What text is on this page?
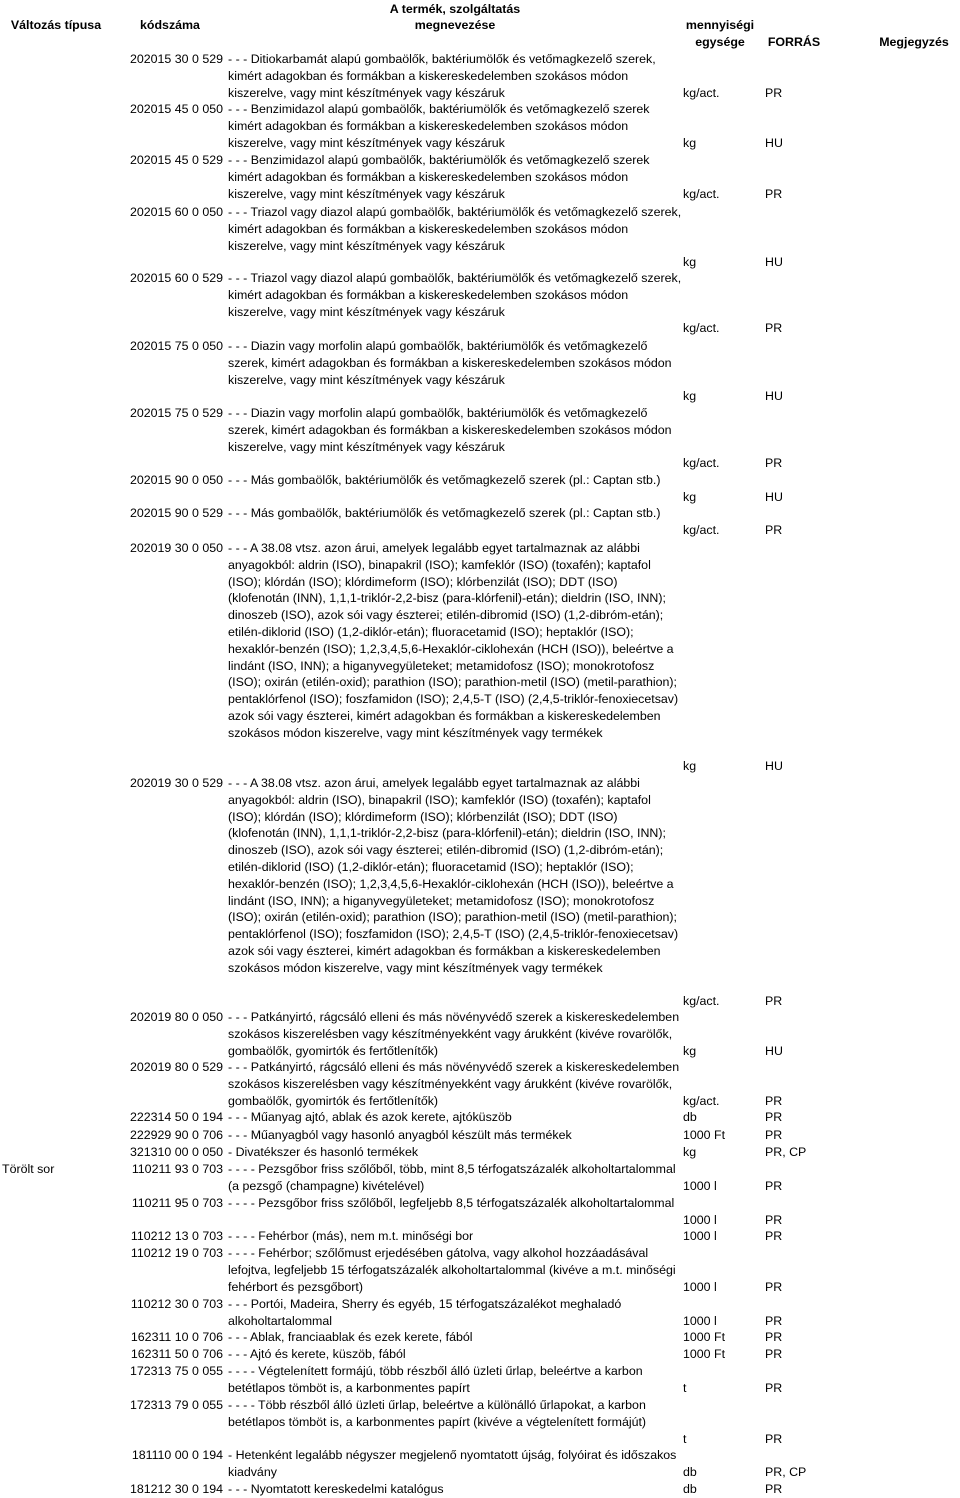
Változás típusa	kódszáma
A termék, szolgáltatás
megnevezése	mennyiségi
egysége	FORRÁS	Megjegyzés
202015 30 0 529 - - - Ditiokarbamát alapú gombaölők, baktériumölők és vetőmagkezelő szerek, kimért adagokban és formákban a kiskereskedelemben szokásos módon kiszerelve, vagy mint készítmények vagy készáruk	kg/act.	PR
202015 45 0 050 - - - Benzimidazol alapú gombaölők, baktériumölők és vetőmagkezelő szerek kimért adagokban és formákban a kiskereskedelemben szokásos módon kiszerelve, vagy mint készítmények vagy készáruk	kg	HU
202015 45 0 529 - - - Benzimidazol alapú gombaölők, baktériumölők és vetőmagkezelő szerek kimért adagokban és formákban a kiskereskedelemben szokásos módon kiszerelve, vagy mint készítmények vagy készáruk	kg/act.	PR
202015 60 0 050 - - - Triazol vagy diazol alapú gombaölők, baktériumölők és vetőmagkezelő szerek, kimért adagokban és formákban a kiskereskedelemben szokásos módon kiszerelve, vagy mint készítmények vagy készáruk
kg	HU
202015 60 0 529 - - - Triazol vagy diazol alapú gombaölők, baktériumölők és vetőmagkezelő szerek, kimért adagokban és formákban a kiskereskedelemben szokásos módon kiszerelve, vagy mint készítmények vagy készáruk
kg/act.	PR
202015 75 0 050 - - - Diazin vagy morfolin alapú gombaölők, baktériumölők és vetőmagkezelő szerek, kimért adagokban és formákban a kiskereskedelemben szokásos módon kiszerelve, vagy mint készítmények vagy készáruk
kg	HU
202015 75 0 529 - - - Diazin vagy morfolin alapú gombaölők, baktériumölők és vetőmagkezelő szerek, kimért adagokban és formákban a kiskereskedelemben szokásos módon kiszerelve, vagy mint készítmények vagy készáruk
kg/act.	PR
202015 90 0 050 - - - Más gombaölők, baktériumölők és vetőmagkezelő szerek (pl.: Captan stb.)
kg	HU
202015 90 0 529 - - - Más gombaölők, baktériumölők és vetőmagkezelő szerek (pl.: Captan stb.)
kg/act.	PR
202019 30 0 050 - - - A 38.08 vtsz. azon árui, amelyek legalább egyet tartalmaznak az alábbi anyagokból: aldrin (ISO), binapakril (ISO); kamfeklór (ISO) (toxafén); kaptafol (ISO); klórdán (ISO); klórdimeform (ISO); klórbenzilát (ISO); DDT (ISO) (klofenotán (INN), 1,1,1-triklór-2,2-bisz (para-klórfenil)-etán); dieldrin (ISO, INN); dinoszeb (ISO), azok sói vagy észterei; etilén-dibromid (ISO) (1,2-dibróm-etán); etilén-diklorid (ISO) (1,2-diklór-etán); fluoracetamid (ISO); heptaklór (ISO); hexaklór-benzén (ISO); 1,2,3,4,5,6-Hexaklór-ciklohexán (HCH (ISO)), beleértve a lindánt (ISO, INN); a higanyvegyületeket; metamidofosz (ISO); monokrotofosz (ISO); oxirán (etilén-oxid); parathion (ISO); parathion-metil (ISO) (metil-parathion); pentaklórfenol (ISO); foszfamidon (ISO); 2,4,5-T (ISO) (2,4,5-triklór-fenoxiecetsav) azok sói vagy észterei, kimért adagokban és formákban a kiskereskedelemben szokásos módon kiszerelve, vagy mint készítmények vagy termékek
kg	HU
202019 30 0 529 - - - A 38.08 vtsz. azon árui, amelyek legalább egyet tartalmaznak az alábbi anyagokból: aldrin (ISO), binapakril (ISO); kamfeklór (ISO) (toxafén); kaptafol (ISO); klórdán (ISO); klórdimeform (ISO); klórbenzilát (ISO); DDT (ISO) (klofenotán (INN), 1,1,1-triklór-2,2-bisz (para-klórfenil)-etán); dieldrin (ISO, INN); dinoszeb (ISO), azok sói vagy észterei; etilén-dibromid (ISO) (1,2-dibróm-etán); etilén-diklorid (ISO) (1,2-diklór-etán); fluoracetamid (ISO); heptaklór (ISO); hexaklór-benzén (ISO); 1,2,3,4,5,6-Hexaklór-ciklohexán (HCH (ISO)), beleértve a lindánt (ISO, INN); a higanyvegyületeket; metamidofosz (ISO); monokrotofosz (ISO); oxirán (etilén-oxid); parathion (ISO); parathion-metil (ISO) (metil-parathion); pentaklórfenol (ISO); foszfamidon (ISO); 2,4,5-T (ISO) (2,4,5-triklór-fenoxiecetsav) azok sói vagy észterei, kimért adagokban és formákban a kiskereskedelemben szokásos módon kiszerelve, vagy mint készítmények vagy termékek
kg/act.	PR
202019 80 0 050 - - - Patkányirtó, rágcsáló elleni és más növényvédő szerek a kiskereskedelemben szokásos kiszerelésben vagy készítményekként vagy árukként (kivéve rovarölők, gombaölők, gyomirtók és fertőtlenítők)	kg	HU
202019 80 0 529 - - - Patkányirtó, rágcsáló elleni és más növényvédő szerek a kiskereskedelemben szokásos kiszerelésben vagy készítményekként vagy árukként (kivéve rovarölők, gombaölők, gyomirtók és fertőtlenítők)	kg/act.	PR
222314 50 0 194 - - - Műanyag ajtó, ablak és azok kerete, ajtóküszöb	db	PR
222929 90 0 706 - - - Műanyagból vagy hasonló anyagból készült más termékek	1000 Ft	PR
321310 00 0 050 - Divatékszer és hasonló termékek	kg	PR, CP
Törölt sor	110211 93 0 703 - - - - Pezsgőbor friss szőlőből, több, mint 8,5 térfogatszázalék alkoholtartalommal (a pezsgő (champagne) kivételével)	1000 l	PR
110211 95 0 703 - - - - Pezsgőbor friss szőlőből, legfeljebb 8,5 térfogatszázalék alkoholtartalommal
1000 l	PR
110212 13 0 703 - - - - Fehérbor (más), nem m.t. minőségi bor	1000 l	PR
110212 19 0 703 - - - - Fehérbor; szőlőmust erjedésében gátolva, vagy alkohol hozzáadásával lefojtva, legfeljebb 15 térfogatszázalék alkoholtartalommal (kivéve a m.t. minőségi fehérbort és pezsgőbort)	1000 l	PR
110212 30 0 703 - - - Portói, Madeira, Sherry és egyéb, 15 térfogatszázalékot meghaladó alkoholtartalommal	1000 l	PR
162311 10 0 706 - - - Ablak, franciaablak és ezek kerete, fából	1000 Ft	PR
162311 50 0 706 - - - Ajtó és kerete, küszöb, fából	1000 Ft	PR
172313 75 0 055 - - - - Végtelenített formájú, több részből álló üzleti űrlap, beleértve a karbon betétlapos tömböt is, a karbonmentes papírt	t	PR
172313 79 0 055 - - - - Több részből álló üzleti űrlap, beleértve a különálló űrlapokat, a karbon betétlapos tömböt is, a karbonmentes papírt (kivéve a végtelenített formájút)
t	PR
181110 00 0 194 - Hetenként legalább négyszer megjelenő nyomtatott újság, folyóirat és időszakos kiadvány	db	PR, CP
181212 30 0 194 - - - Nyomtatott kereskedelmi katalógus	db	PR
